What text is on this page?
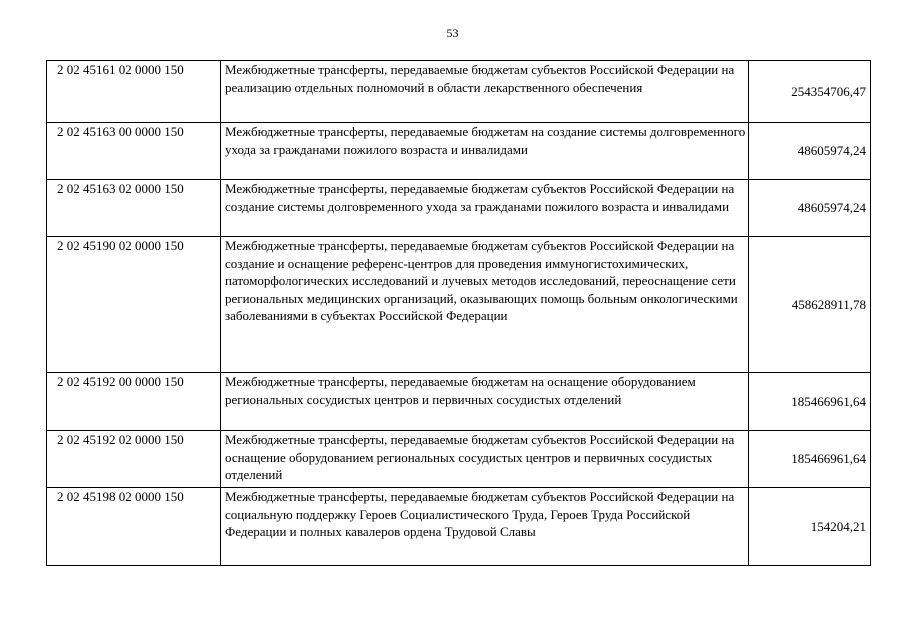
53
2 02 45161 02 0000 150	Межбюджетные трансферты, передаваемые бюджетам субъектов Российской Федерации на реализацию отдельных полномочий в области лекарственного обеспечения	254354706,47
2 02 45163 00 0000 150	Межбюджетные трансферты, передаваемые бюджетам на создание системы долговременного ухода за гражданами пожилого возраста и инвалидами	48605974,24
2 02 45163 02 0000 150	Межбюджетные трансферты, передаваемые бюджетам субъектов Российской Федерации на создание системы долговременного ухода за гражданами пожилого возраста и инвалидами	48605974,24
2 02 45190 02 0000 150	Межбюджетные трансферты, передаваемые бюджетам субъектов Российской Федерации на создание и оснащение референс-центров для проведения иммуногистохимических, патоморфологических исследований и лучевых методов исследований, переоснащение сети региональных медицинских организаций, оказывающих помощь больным онкологическими заболеваниями в субъектах Российской Федерации	458628911,78
2 02 45192 00 0000 150	Межбюджетные трансферты, передаваемые бюджетам на оснащение оборудованием региональных сосудистых центров и первичных сосудистых отделений	185466961,64
2 02 45192 02 0000 150	Межбюджетные трансферты, передаваемые бюджетам субъектов Российской Федерации на оснащение оборудованием региональных сосудистых центров и первичных сосудистых отделений	185466961,64
2 02 45198 02 0000 150	Межбюджетные трансферты, передаваемые бюджетам субъектов Российской Федерации на социальную поддержку Героев Социалистического Труда, Героев Труда Российской Федерации и полных кавалеров ордена Трудовой Славы	154204,21
